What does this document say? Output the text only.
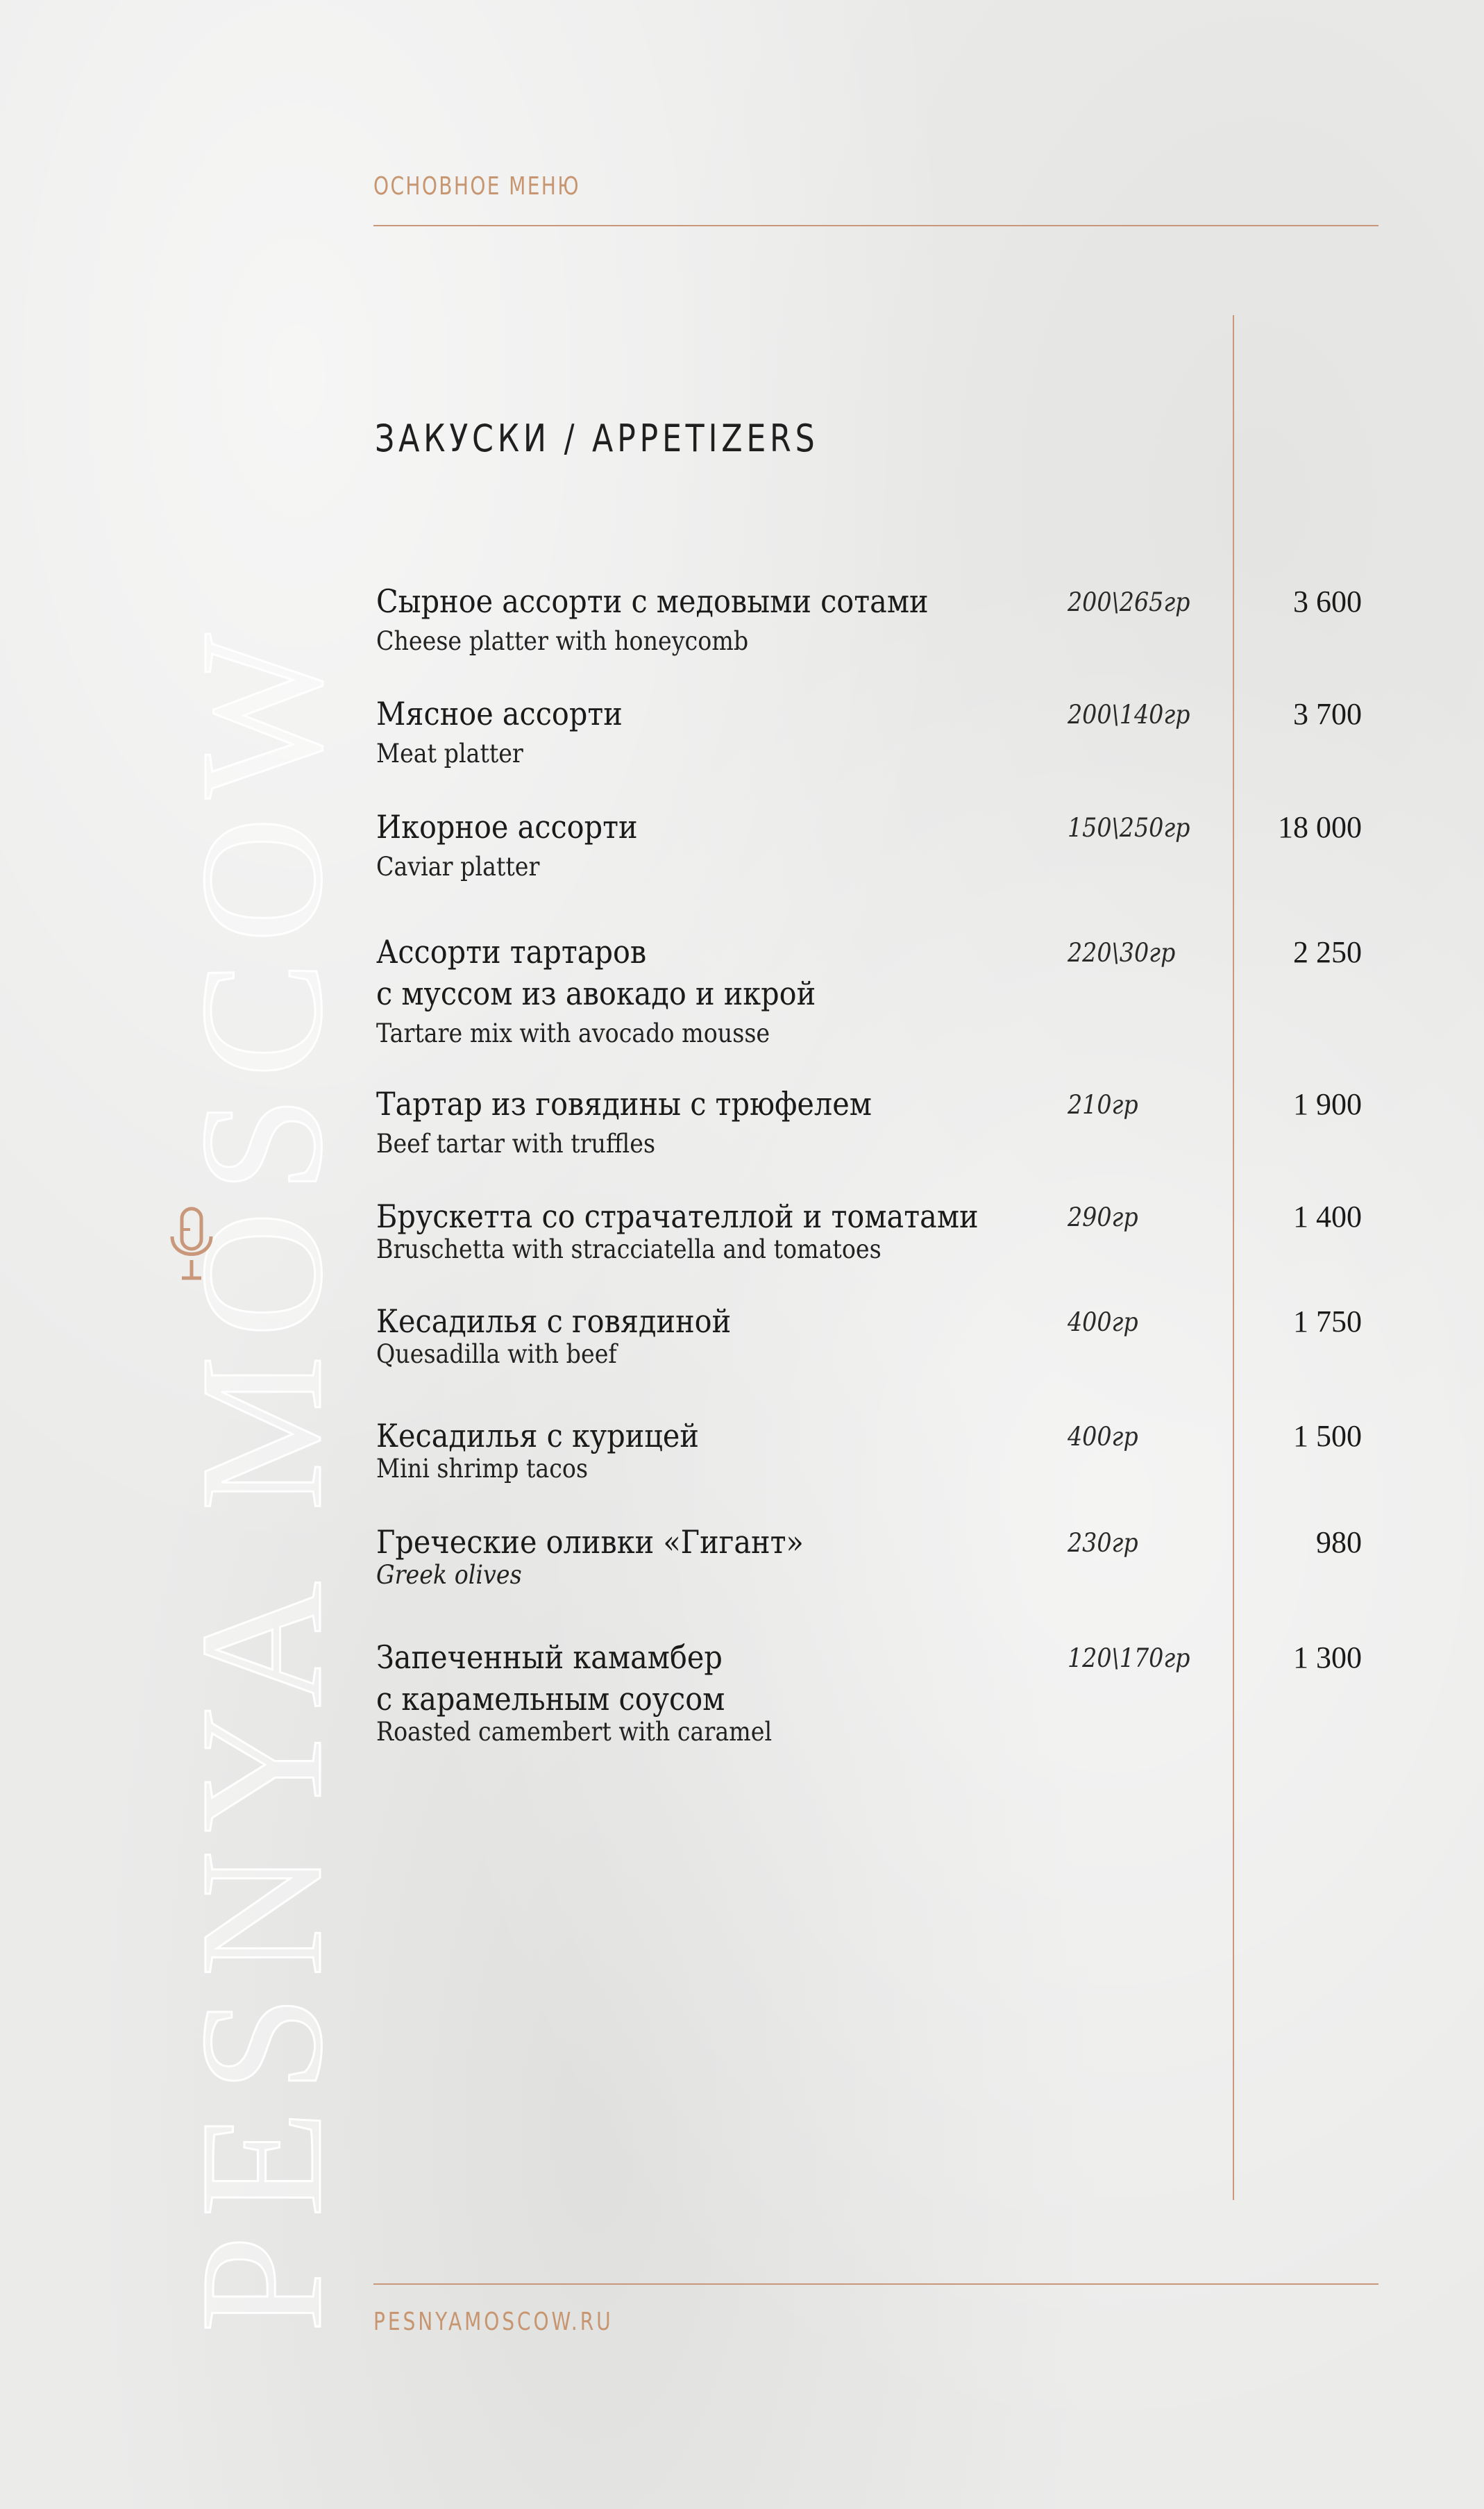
PESNYA MOSCOW
ОСНОВНОЕ МЕНЮ
ЗАКУСКИ / APPETIZERS

Сырное ассорти с медовыми сотами

Cheese platter with honeycomb

200\265гр	3 600

Мясное ассорти

Meat platter

200\140гр	3 700

Икорное ассорти

Caviar platter

150\250гр	18 000

Ассорти тартаров
с муссом из авокадо и икрой

Tartare mix with avocado mousse

220\30гр	2 250

Тартар из говядины с трюфелем

Beef tartar with truffles

210гр	1 900

Брускетта со страчателлой и томатами

Bruschetta with stracciatella and tomatoes

290гр	1 400

Кесадилья с говядиной

Quesadilla with beef

400гр	1 750

Кесадилья с курицей

Mini shrimp tacos

400гр	1 500

Греческие оливки «Гигант»

Greek olives

230гр	980

Запеченный камамбер
с карамельным соусом

Roasted camembert with caramel

120\170гр	1 300
PESNYAMOSCOW.RU
